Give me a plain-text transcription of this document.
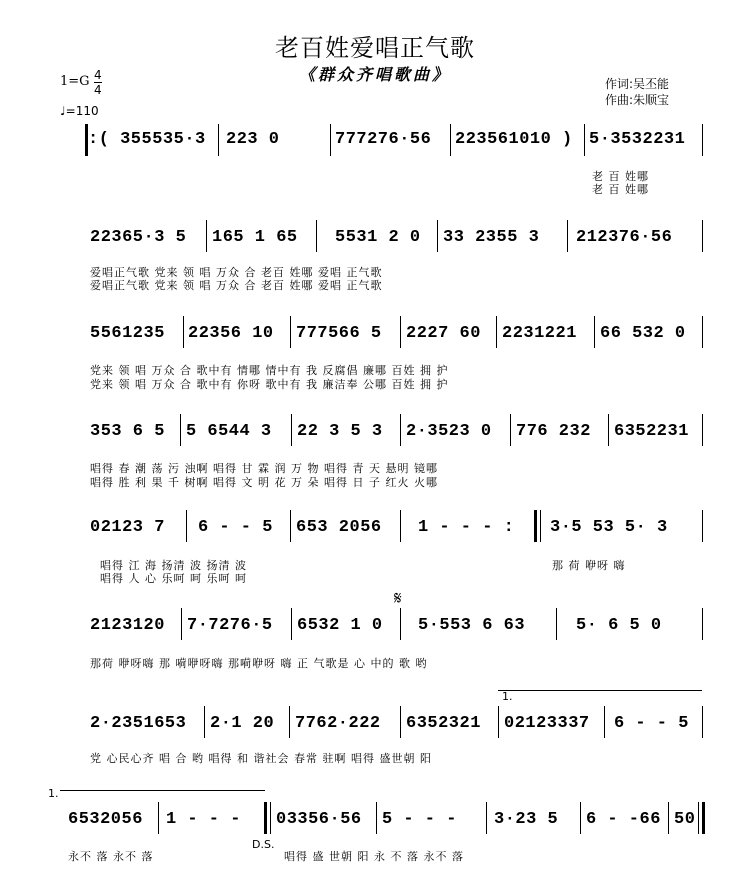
老百姓爱唱正气歌
《群众齐唱歌曲》	作词:吴丕能
作曲:朱顺宝
$1=G \frac{4}{4}$
♩=110
:( 355535·3 223 0	777276·56 223561010 ) 5·3532231
老 百 姓哪
老 百 姓哪
22365·3 5 165 1 65 5531 2 0 33 2355 3 212376·56
爱唱正气歌 党来 领 唱 万众 合 老百 姓哪 爱唱 正气歌
爱唱正气歌 党来 领 唱 万众 合 老百 姓哪 爱唱 正气歌
5561235 22356 10 777566 5 2227 60 2231221 66 532 0
党来 领 唱 万众 合 歌中有 情哪 情中有 我 反腐倡 廉哪 百姓 拥 护
党来 领 唱 万众 合 歌中有 你呀 歌中有 我 廉洁奉 公哪 百姓 拥 护
353 6 5 5 6544 3 22 3 5 3 2·3523 0 776 232 6352231
唱得 春 潮 荡 污 浊啊 唱得 甘 霖 润 万 物 唱得 青 天 悬明 镜哪
唱得 胜 利 果 千 树啊 唱得 文 明 花 万 朵 唱得 日 子 红火 火哪
02123 7 6 - - 5 653 2056 1 - - - : 3·5 53 5· 3
唱得 江 海 扬清 波 扬清 波
唱得 人 心 乐呵 呵 乐呵 呵
那 荷 咿呀 嗨
2123120 7·7276·5 6532 1 0
𝄋
5·553 6 63	5· 6 5 0
那荷 咿呀嗨 那 嗬咿呀嗨 那嗬咿呀 嗨 正 气歌是 心 中的 歌 哟
2·2351653 2·1 20 7762·222 6352321
1.
02123337 6 - - 5
党 心民心齐 唱 合 哟 唱得 和 谐社会 春常 驻啊 唱得 盛世朝 阳
1.
6532056 1 - - -
D.S.
03356·56 5 - - - 3·23 5 6 - -66 50
永不 落 永不 落	唱得 盛 世朝 阳 永 不 落 永不 落
